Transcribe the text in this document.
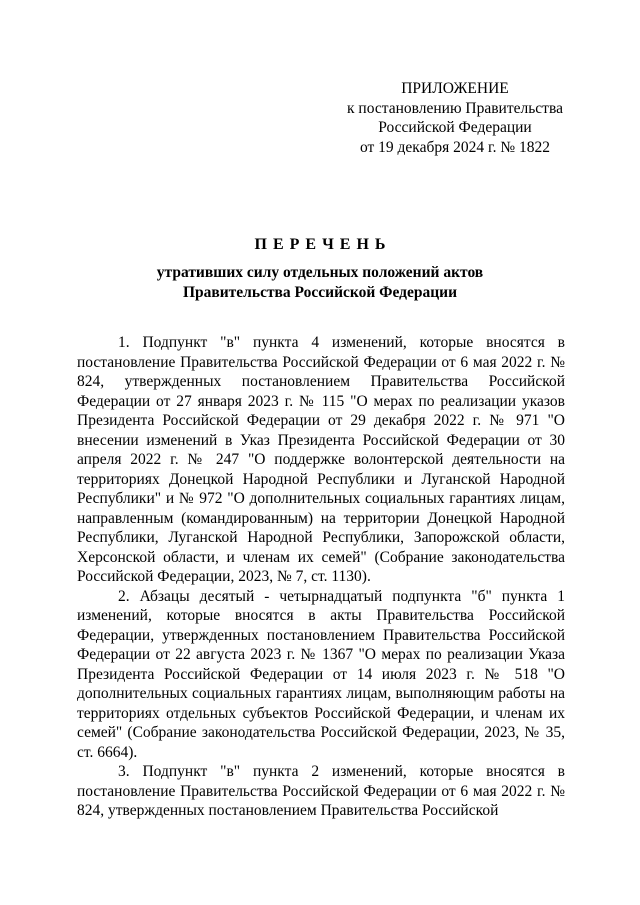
ПРИЛОЖЕНИЕ
к постановлению Правительства
Российской Федерации
от 19 декабря 2024 г. № 1822
ПЕРЕЧЕНЬ
утративших силу отдельных положений актов
Правительства Российской Федерации

1. Подпункт "в" пункта 4 изменений, которые вносятся в постановление Правительства Российской Федерации от 6 мая 2022 г. № 824, утвержденных постановлением Правительства Российской Федерации от 27 января 2023 г. № 115 "О мерах по реализации указов Президента Российской Федерации от 29 декабря 2022 г. № 971 "О внесении изменений в Указ Президента Российской Федерации от 30 апреля 2022 г. № 247 "О поддержке волонтерской деятельности на территориях Донецкой Народной Республики и Луганской Народной Республики" и № 972 "О дополнительных социальных гарантиях лицам, направленным (командированным) на территории Донецкой Народной Республики, Луганской Народной Республики, Запорожской области, Херсонской области, и членам их семей" (Собрание законодательства Российской Федерации, 2023, № 7, ст. 1130).

2. Абзацы десятый - четырнадцатый подпункта "б" пункта 1 изменений, которые вносятся в акты Правительства Российской Федерации, утвержденных постановлением Правительства Российской Федерации от 22 августа 2023 г. № 1367 "О мерах по реализации Указа Президента Российской Федерации от 14 июля 2023 г. № 518 "О дополнительных социальных гарантиях лицам, выполняющим работы на территориях отдельных субъектов Российской Федерации, и членам их семей" (Собрание законодательства Российской Федерации, 2023, № 35, ст. 6664).

3. Подпункт "в" пункта 2 изменений, которые вносятся в постановление Правительства Российской Федерации от 6 мая 2022 г. № 824, утвержденных постановлением Правительства Российской
